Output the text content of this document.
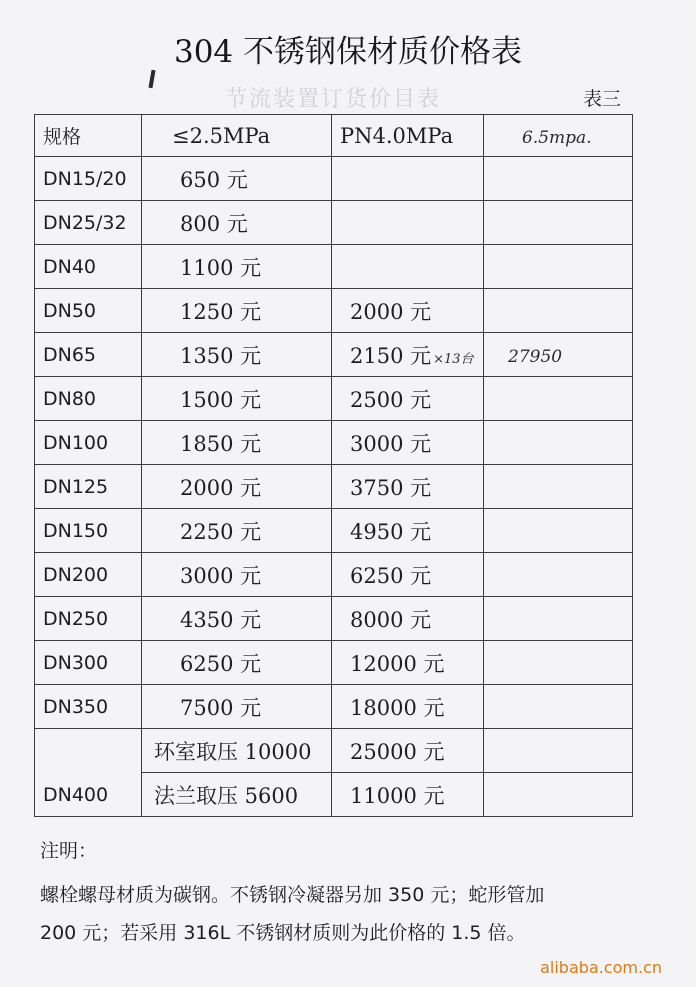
节流装置订货价目表
304 不锈钢保材质价格表
表三
规格	≤2.5MPa	PN4.0MPa	6.5mpa.
DN15/20	650 元		
DN25/32	800 元		
DN40	1100 元		
DN50	1250 元	2000 元	
DN65	1350 元	2150 元 ×13台	27950
DN80	1500 元	2500 元	
DN100	1850 元	3000 元	
DN125	2000 元	3750 元	
DN150	2250 元	4950 元	
DN200	3000 元	6250 元	
DN250	4350 元	8000 元	
DN300	6250 元	12000 元	
DN350	7500 元	18000 元	
DN400	环室取压 10000	25000 元	
	法兰取压 5600	11000 元	
注明：
螺栓螺母材质为碳钢。不锈钢冷凝器另加 350 元；蛇形管加
200 元；若采用 316L 不锈钢材质则为此价格的 1.5 倍。
alibaba.com.cn
